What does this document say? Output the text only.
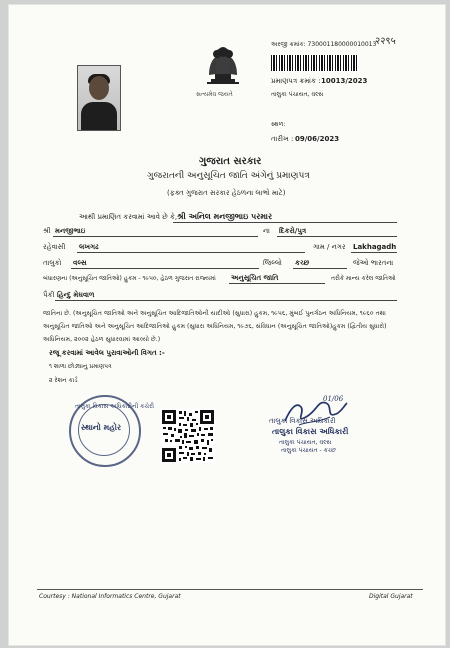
२२९५
સત્યમેવ જયતે
અરજી ક્રમાંક: 730001180000010013
પ્રમાણપત્ર ક્રમાંક : 10013/2023
તાલુકા પંચાયત, વલ્સ
સ્થળ:
તારીખ : 09/06/2023
ગુજરાત સરકાર
ગુજરાતની અનુસૂચિત જાતિ અંગેનું પ્રમાણપત્ર
(ફક્ત ગુજરાત સરકાર હેઠળના લાભો માટે)
આથી પ્રમાણિત કરવામાં આવે છે કે, શ્રી અનિલ મનજીભાઇ પરમાર
શ્રી મનજીભાઇ	ના દિકરો/પુત્ર
રહેવાસી લખગઢ	ગામ / નગર Lakhagadh
તાલુકો વલ્સ	જિલ્લો કચ્છ	જેઓ ભારતના
બંધારણના (અનુસૂચિત જાતિઓ) હુકમ - ૧૯૫૦, હેઠળ ગુજરાત રાજ્યમાં અનુસૂચિત જાતિ	તરીકે માન્ય કરેલ જાતિઓ
પૈકી હિન્દુ મેઘવાળ
જાતિના છે. (અનુસૂચિત જાતિઓ અને અનુસૂચિત આદિજાતિઓની યાદીઓ (સુધારા) હુકમ, ૧૯૫૬, મુંબઈ પુનર્ગઠન અધિનિયમ, ૧૯૬૦ તથા અનુસૂચિત જાતિઓ અને અનુસૂચિત આદિજાતિઓ હુકમ (સુધારા અધિનિયમ, ૧૯૭૬, સંવિધાન (અનુસૂચિત જાતિઓ)હુકમ (દ્વિતીય સુધારો) અધિનિયમ, ૨૦૦૨ હેઠળ સુધારવામાં આવ્યો છે.)
રજૂ કરવામાં આવેલ પુરાવાઓની વિગત :-
૧ શાળા છોડ્યાનુ પ્રમાણપત્ર
૨ રેશન કાર્ડ
તાલુકા વિકાસ અધિકારીની કચેરી
સ્થાનો મહોર
01/06
તાલુકા વિકાસ અધિકારી
તાલુકા વિકાસ અધિકારી
તાલુકા પંચાયત, વલ્સ
તાલુકા પંચાયત - કચ્છ
Courtesy : National Informatics Centre, Gujarat	Digital Gujarat
